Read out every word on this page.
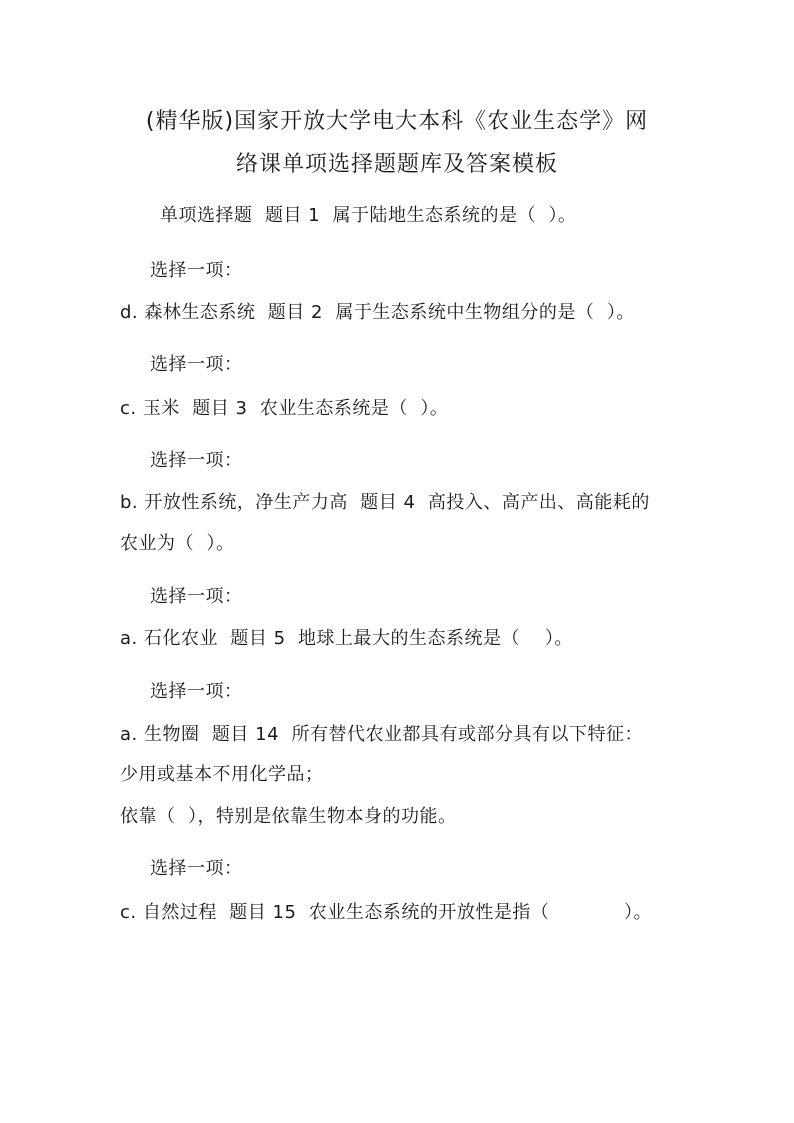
(精华版)国家开放大学电大本科《农业生态学》网
络课单项选择题题库及答案模板
单项选择题  题目 1  属于陆地生态系统的是（  ）。
选择一项：
d. 森林生态系统  题目 2  属于生态系统中生物组分的是（  ）。
选择一项：
c. 玉米  题目 3  农业生态系统是（  ）。
选择一项：
b. 开放性系统，净生产力高  题目 4  高投入、高产出、高能耗的
农业为（  ）。
选择一项：
a. 石化农业  题目 5  地球上最大的生态系统是（    ）。
选择一项：
a. 生物圈  题目 14  所有替代农业都具有或部分具有以下特征：
少用或基本不用化学品；
依靠（  ），特别是依靠生物本身的功能。
选择一项：
c. 自然过程  题目 15  农业生态系统的开放性是指（            ）。
